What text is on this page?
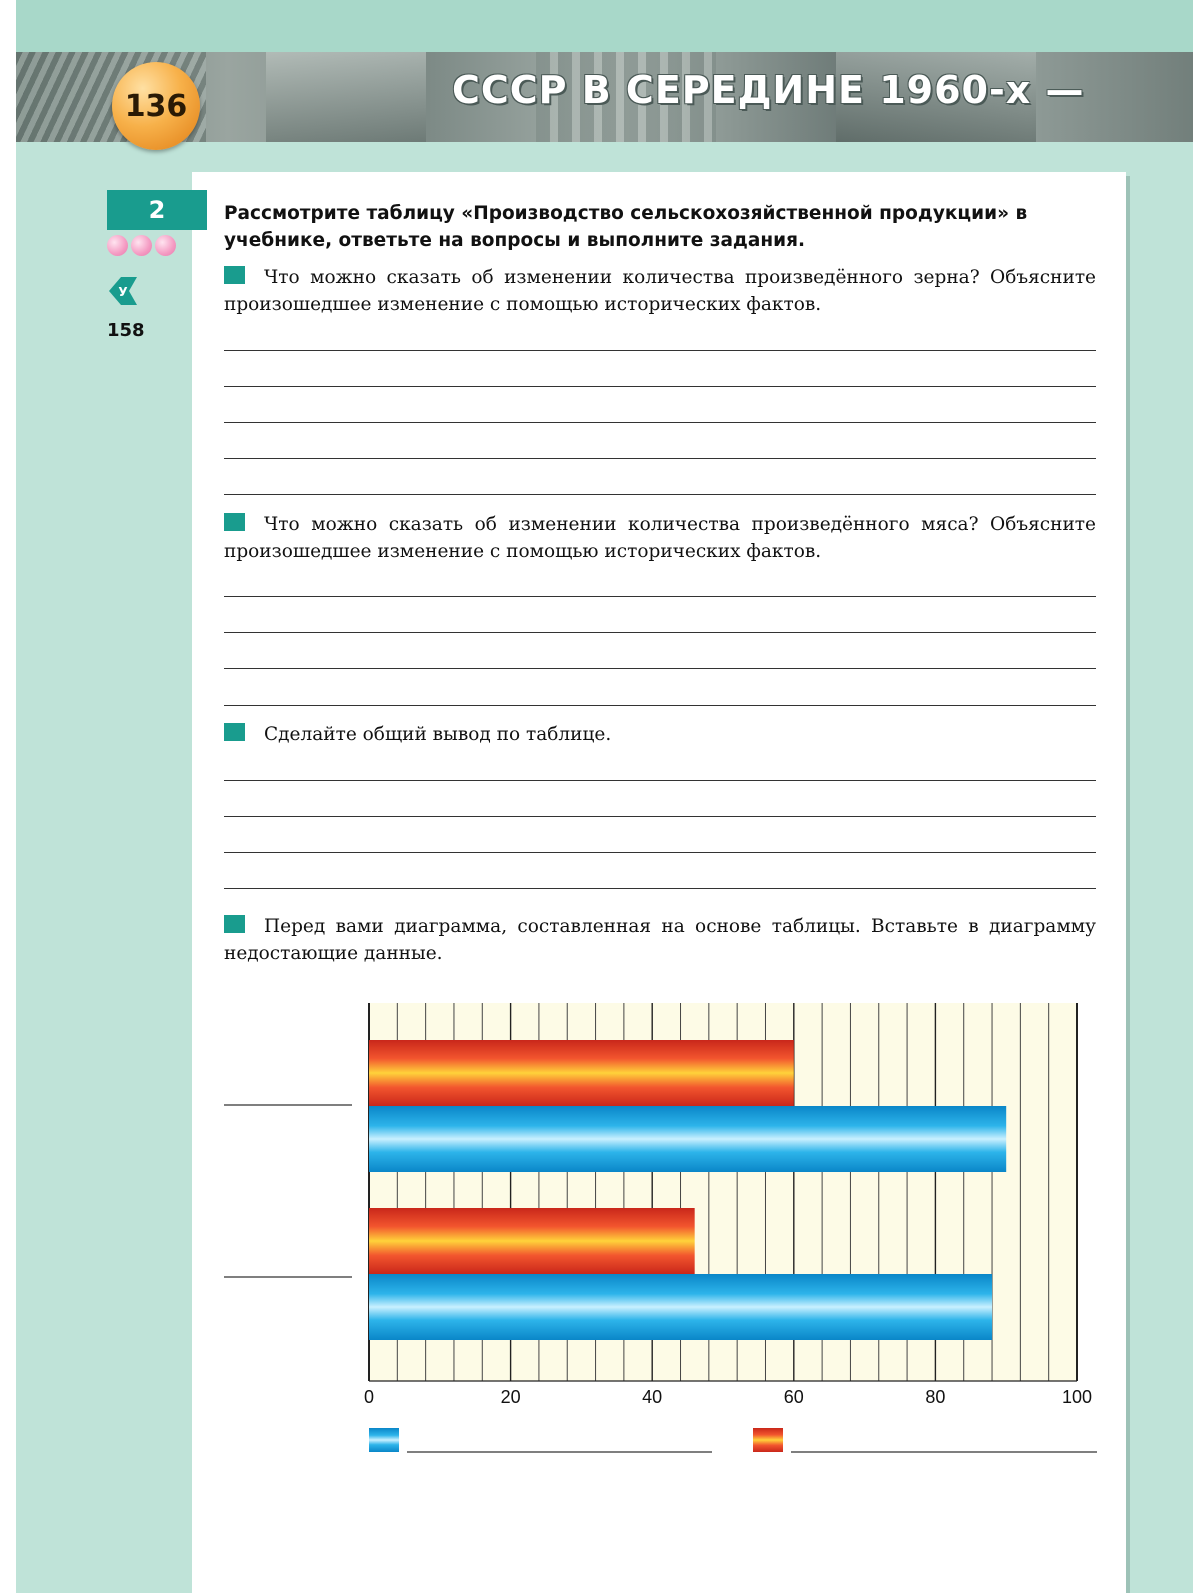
136	СССР В СЕРЕДИНЕ 1960-х —
2
У
158
Рассмотрите таблицу «Производство сельскохозяйственной продукции» в учебнике, ответьте на вопросы и выполните задания.
Что можно сказать об изменении количества произведённого зерна? Объясните произошедшее изменение с помощью исторических фактов.
Что можно сказать об изменении количества произведённого мяса? Объясните произошедшее изменение с помощью исторических фактов.
Сделайте общий вывод по таблице.
Перед вами диаграмма, составленная на основе таблицы. Вставьте в диаграмму недостающие данные.
0	20	40	60	80	100
